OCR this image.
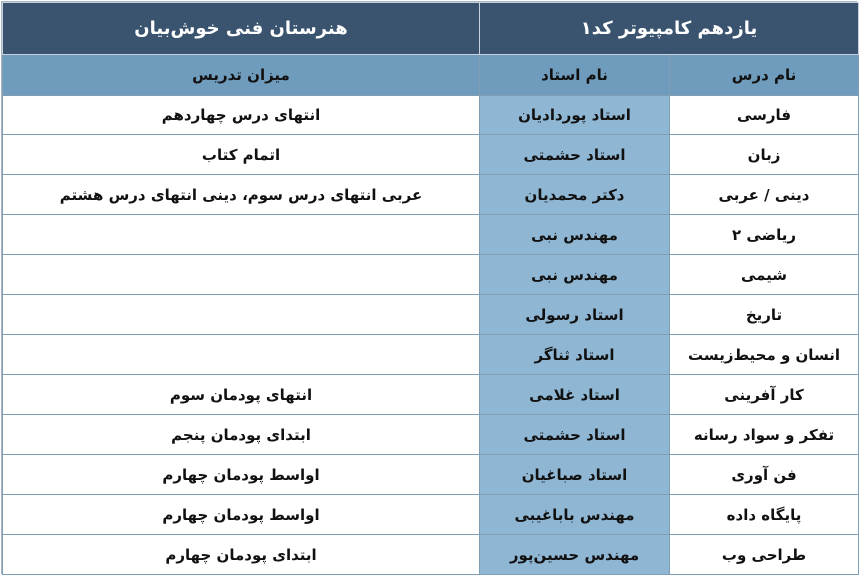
یازدهم کامپیوتر کد۱		هنرستان فنی خوش‌بیان
نام درس	نام استاد	میزان تدریس
فارسی	استاد پوردادیان	انتهای درس چهاردهم
زبان	استاد حشمتی	اتمام کتاب
دینی / عربی	دکتر محمدیان	عربی انتهای درس سوم، دینی انتهای درس هشتم
ریاضی ۲	مهندس نبی	
شیمی	مهندس نبی	
تاریخ	استاد رسولی	
انسان و محیط‌زیست	استاد ثناگر	
کار آفرینی	استاد غلامی	انتهای پودمان سوم
تفکر و سواد رسانه	استاد حشمتی	ابتدای پودمان پنجم
فن آوری	استاد صباغیان	اواسط پودمان چهارم
پایگاه داده	مهندس باباغیبی	اواسط پودمان چهارم
طراحی وب	مهندس حسین‌پور	ابتدای پودمان چهارم
